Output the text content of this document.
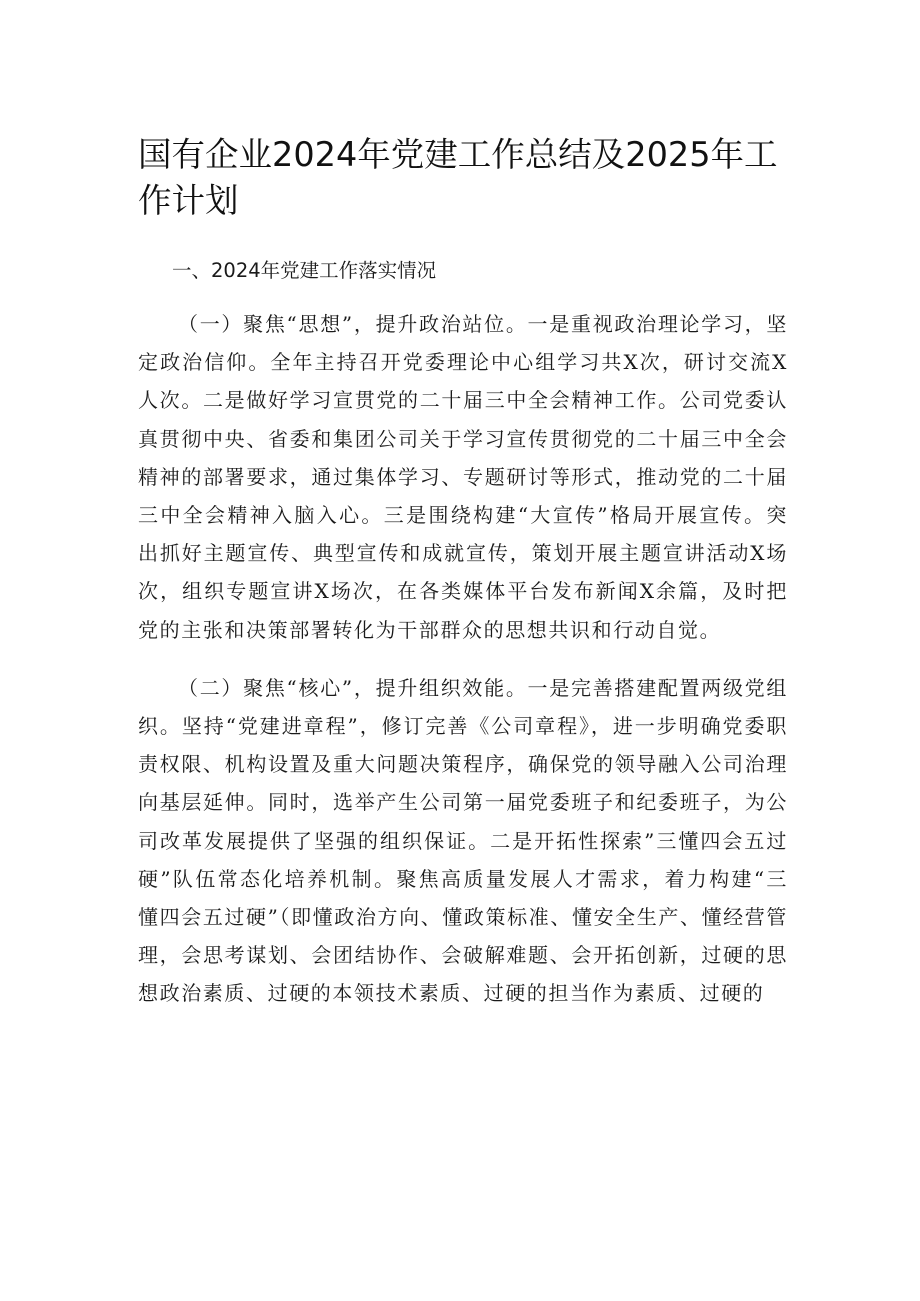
国有企业2024年党建工作总结及2025年工作计划
一、2024年党建工作落实情况

（一）聚焦“思想”，提升政治站位。一是重视政治理论学习，坚定政治信仰。全年主持召开党委理论中心组学习共X次，研讨交流X人次。二是做好学习宣贯党的二十届三中全会精神工作。公司党委认真贯彻中央、省委和集团公司关于学习宣传贯彻党的二十届三中全会精神的部署要求，通过集体学习、专题研讨等形式，推动党的二十届三中全会精神入脑入心。三是围绕构建“大宣传”格局开展宣传。突出抓好主题宣传、典型宣传和成就宣传，策划开展主题宣讲活动X场次，组织专题宣讲X场次，在各类媒体平台发布新闻X余篇，及时把党的主张和决策部署转化为干部群众的思想共识和行动自觉。

（二）聚焦“核心”，提升组织效能。一是完善搭建配置两级党组织。坚持“党建进章程”，修订完善《公司章程》，进一步明确党委职责权限、机构设置及重大问题决策程序，确保党的领导融入公司治理向基层延伸。同时，选举产生公司第一届党委班子和纪委班子，为公司改革发展提供了坚强的组织保证。二是开拓性探索”三懂四会五过硬”队伍常态化培养机制。聚焦高质量发展人才需求，着力构建“三懂四会五过硬”（即懂政治方向、懂政策标准、懂安全生产、懂经营管理，会思考谋划、会团结协作、会破解难题、会开拓创新，过硬的思想政治素质、过硬的本领技术素质、过硬的担当作为素质、过硬的
